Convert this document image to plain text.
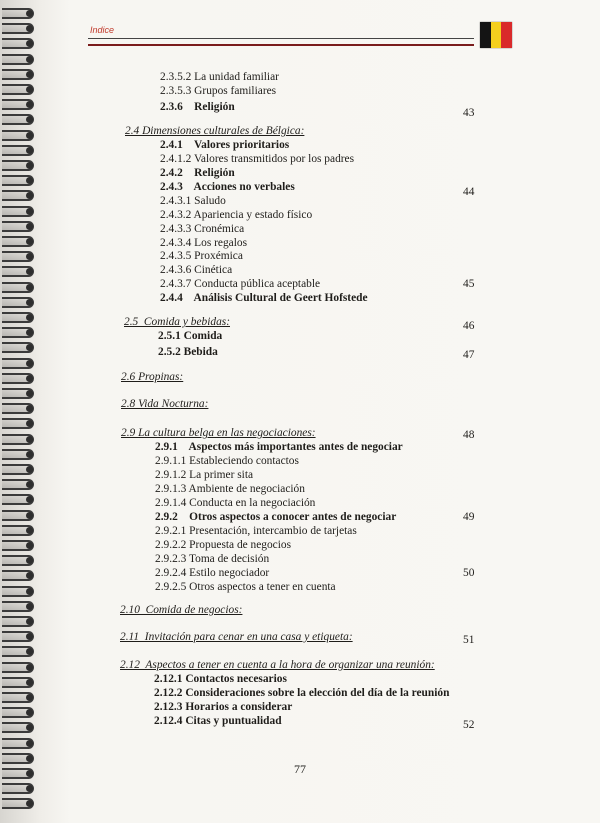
Indice
2.3.5.2 La unidad familiar
2.3.5.3 Grupos familiares
2.3.6    Religión	43
2.4 Dimensiones culturales de Bélgica:
2.4.1    Valores prioritarios
2.4.1.2 Valores transmitidos por los padres
2.4.2    Religión
2.4.3    Acciones no verbales	44
2.4.3.1 Saludo
2.4.3.2 Apariencia y estado físico
2.4.3.3 Cronémica
2.4.3.4 Los regalos
2.4.3.5 Proxémica
2.4.3.6 Cinética
2.4.3.7 Conducta pública aceptable	45
2.4.4    Análisis Cultural de Geert Hofstede
2.5  Comida y bebidas:	46
2.5.1 Comida
2.5.2 Bebida	47
2.6 Propinas:
2.8 Vida Nocturna:
2.9 La cultura belga en las negociaciones:	48
2.9.1    Aspectos más importantes antes de negociar
2.9.1.1 Estableciendo contactos
2.9.1.2 La primer sita
2.9.1.3 Ambiente de negociación
2.9.1.4 Conducta en la negociación
2.9.2    Otros aspectos a conocer antes de negociar	49
2.9.2.1 Presentación, intercambio de tarjetas
2.9.2.2 Propuesta de negocios
2.9.2.3 Toma de decisión
2.9.2.4 Estilo negociador	50
2.9.2.5 Otros aspectos a tener en cuenta
2.10  Comida de negocios:
2.11  Invitación para cenar en una casa y etiqueta:	51
2.12  Aspectos a tener en cuenta a la hora de organizar una reunión:
2.12.1 Contactos necesarios
2.12.2 Consideraciones sobre la elección del día de la reunión
2.12.3 Horarios a considerar
2.12.4 Citas y puntualidad	52
77
